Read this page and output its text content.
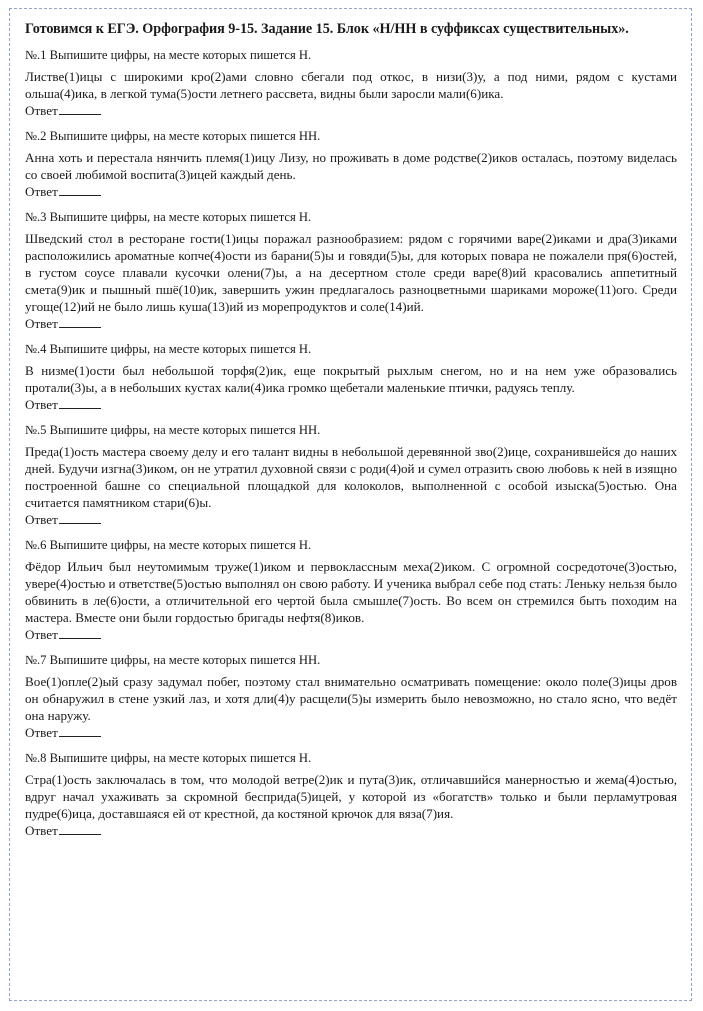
Готовимся к ЕГЭ. Орфография 9-15. Задание 15. Блок «Н/НН в суффиксах существительных».
№.1 Выпишите цифры, на месте которых пишется Н.
Листве(1)ицы с широкими кро(2)ами словно сбегали под откос, в низи(3)у, а под ними, рядом с кустами ольша(4)ика, в легкой тума(5)ости летнего рассвета, видны были заросли мали(6)ика.
Ответ
№.2 Выпишите цифры, на месте которых пишется НН.
Анна хоть и перестала нянчить племя(1)ицу Лизу, но проживать в доме родстве(2)иков осталась, поэтому виделась со своей любимой воспита(3)ицей каждый день.
Ответ
№.3 Выпишите цифры, на месте которых пишется Н.
Шведский стол в ресторане гости(1)ицы поражал разнообразием: рядом с горячими варе(2)иками и дра(3)иками расположились ароматные копче(4)ости из барани(5)ы и говяди(5)ы, для которых повара не пожалели пря(6)остей, в густом соусе плавали кусочки олени(7)ы, а на десертном столе среди варе(8)ий красовались аппетитный смета(9)ик и пышный пшё(10)ик, завершить ужин предлагалось разноцветными шариками мороже(11)ого. Среди угоще(12)ий не было лишь куша(13)ий из морепродуктов и соле(14)ий.
Ответ
№.4 Выпишите цифры, на месте которых пишется Н.
В низме(1)ости был небольшой торфя(2)ик, еще покрытый рыхлым снегом, но и на нем уже образовались протали(3)ы, а в небольших кустах кали(4)ика громко щебетали маленькие птички, радуясь теплу.
Ответ
№.5 Выпишите цифры, на месте которых пишется НН.
Преда(1)ость мастера своему делу и его талант видны в небольшой деревянной зво(2)ице, сохранившейся до наших дней. Будучи изгна(3)иком, он не утратил духовной связи с роди(4)ой и сумел отразить свою любовь к ней в изящно построенной башне со специальной площадкой для колоколов, выполненной с особой изыска(5)остью. Она считается памятником стари(6)ы.
Ответ
№.6 Выпишите цифры, на месте которых пишется Н.
Фёдор Ильич был неутомимым труже(1)иком и первоклассным меха(2)иком. С огромной сосредоточе(3)остью, увере(4)остью и ответстве(5)остью выполнял он свою работу. И ученика выбрал себе под стать: Леньку нельзя было обвинить в ле(6)ости, а отличительной его чертой была смышле(7)ость. Во всем он стремился быть походим на мастера. Вместе они были гордостью бригады нефтя(8)иков.
Ответ
№.7 Выпишите цифры, на месте которых пишется НН.
Вое(1)опле(2)ый сразу задумал побег, поэтому стал внимательно осматривать помещение: около поле(3)ицы дров он обнаружил в стене узкий лаз, и хотя дли(4)у расщели(5)ы измерить было невозможно, но стало ясно, что ведёт она наружу.
Ответ
№.8 Выпишите цифры, на месте которых пишется Н.
Стра(1)ость заключалась в том, что молодой ветре(2)ик и пута(3)ик, отличавшийся манерностью и жема(4)остью, вдруг начал ухаживать за скромной бесприда(5)ицей, у которой из «богатств» только и были перламутровая пудре(6)ица, доставшаяся ей от крестной, да костяной крючок для вяза(7)ия.
Ответ
